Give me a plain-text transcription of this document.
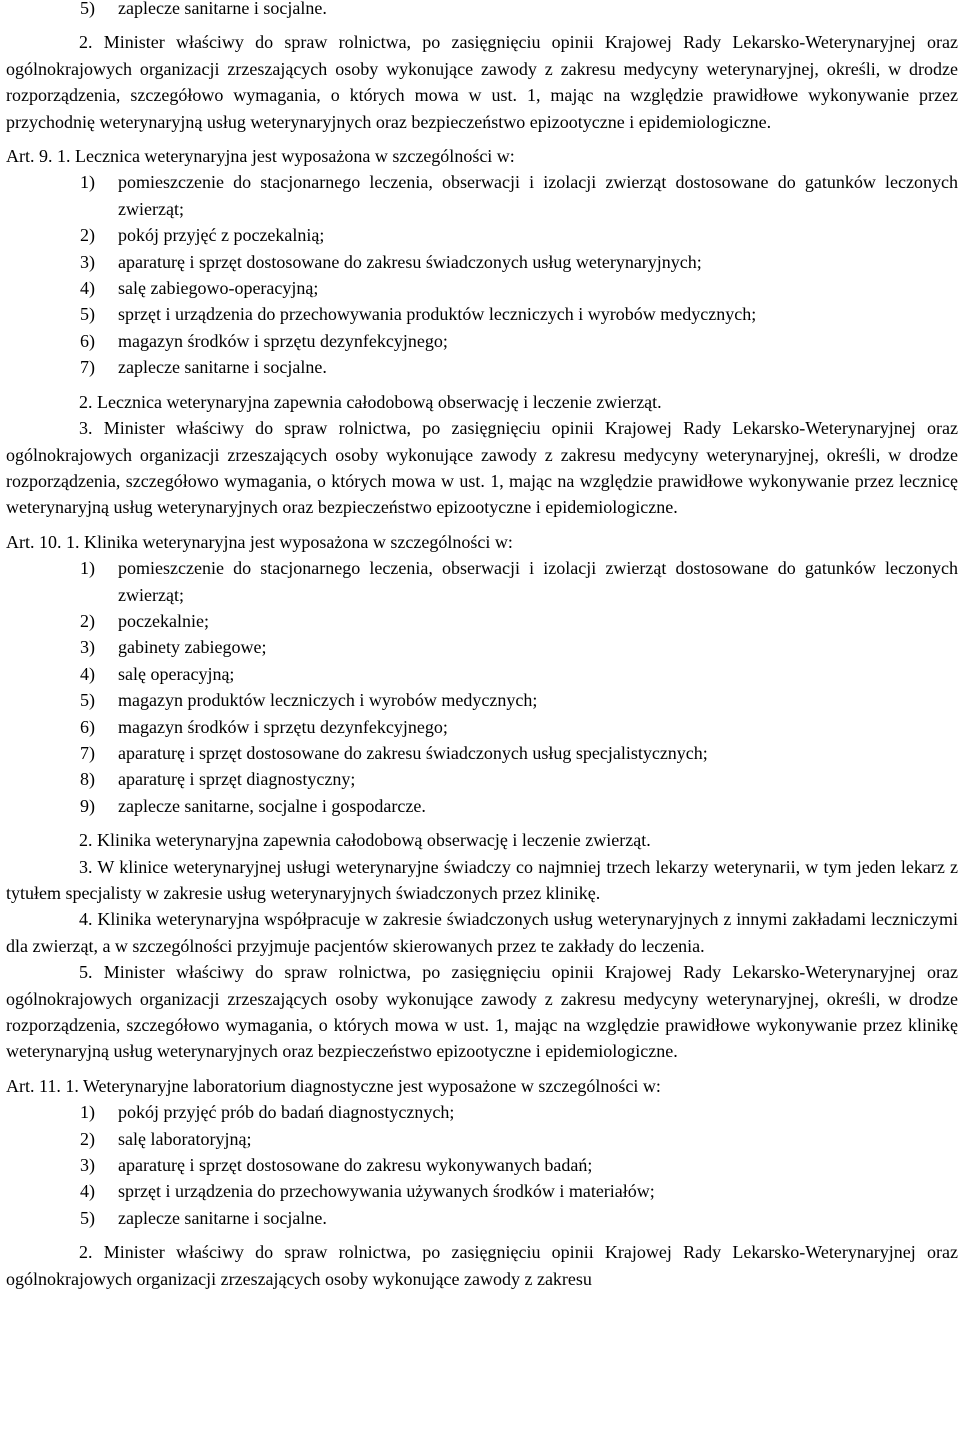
5) zaplecze sanitarne i socjalne.

2. Minister właściwy do spraw rolnictwa, po zasięgnięciu opinii Krajowej Rady Lekarsko-Weterynaryjnej oraz ogólnokrajowych organizacji zrzeszających osoby wykonujące zawody z zakresu medycyny weterynaryjnej, określi, w drodze rozporządzenia, szczegółowo wymagania, o których mowa w ust. 1, mając na względzie prawidłowe wykonywanie przez przychodnię weterynaryjną usług weterynaryjnych oraz bezpieczeństwo epizootyczne i epidemiologiczne.

Art. 9. 1. Lecznica weterynaryjna jest wyposażona w szczególności w:

1) pomieszczenie do stacjonarnego leczenia, obserwacji i izolacji zwierząt dostosowane do gatunków leczonych zwierząt;

2) pokój przyjęć z poczekalnią;

3) aparaturę i sprzęt dostosowane do zakresu świadczonych usług weterynaryjnych;

4) salę zabiegowo-operacyjną;

5) sprzęt i urządzenia do przechowywania produktów leczniczych i wyrobów medycznych;

6) magazyn środków i sprzętu dezynfekcyjnego;

7) zaplecze sanitarne i socjalne.

2. Lecznica weterynaryjna zapewnia całodobową obserwację i leczenie zwierząt.

3. Minister właściwy do spraw rolnictwa, po zasięgnięciu opinii Krajowej Rady Lekarsko-Weterynaryjnej oraz ogólnokrajowych organizacji zrzeszających osoby wykonujące zawody z zakresu medycyny weterynaryjnej, określi, w drodze rozporządzenia, szczegółowo wymagania, o których mowa w ust. 1, mając na względzie prawidłowe wykonywanie przez lecznicę weterynaryjną usług weterynaryjnych oraz bezpieczeństwo epizootyczne i epidemiologiczne.

Art. 10. 1. Klinika weterynaryjna jest wyposażona w szczególności w:

1) pomieszczenie do stacjonarnego leczenia, obserwacji i izolacji zwierząt dostosowane do gatunków leczonych zwierząt;

2) poczekalnie;

3) gabinety zabiegowe;

4) salę operacyjną;

5) magazyn produktów leczniczych i wyrobów medycznych;

6) magazyn środków i sprzętu dezynfekcyjnego;

7) aparaturę i sprzęt dostosowane do zakresu świadczonych usług specjalistycznych;

8) aparaturę i sprzęt diagnostyczny;

9) zaplecze sanitarne, socjalne i gospodarcze.

2. Klinika weterynaryjna zapewnia całodobową obserwację i leczenie zwierząt.

3. W klinice weterynaryjnej usługi weterynaryjne świadczy co najmniej trzech lekarzy weterynarii, w tym jeden lekarz z tytułem specjalisty w zakresie usług weterynaryjnych świadczonych przez klinikę.

4. Klinika weterynaryjna współpracuje w zakresie świadczonych usług weterynaryjnych z innymi zakładami leczniczymi dla zwierząt, a w szczególności przyjmuje pacjentów skierowanych przez te zakłady do leczenia.

5. Minister właściwy do spraw rolnictwa, po zasięgnięciu opinii Krajowej Rady Lekarsko-Weterynaryjnej oraz ogólnokrajowych organizacji zrzeszających osoby wykonujące zawody z zakresu medycyny weterynaryjnej, określi, w drodze rozporządzenia, szczegółowo wymagania, o których mowa w ust. 1, mając na względzie prawidłowe wykonywanie przez klinikę weterynaryjną usług weterynaryjnych oraz bezpieczeństwo epizootyczne i epidemiologiczne.

Art. 11. 1. Weterynaryjne laboratorium diagnostyczne jest wyposażone w szczególności w:

1) pokój przyjęć prób do badań diagnostycznych;

2) salę laboratoryjną;

3) aparaturę i sprzęt dostosowane do zakresu wykonywanych badań;

4) sprzęt i urządzenia do przechowywania używanych środków i materiałów;

5) zaplecze sanitarne i socjalne.

2. Minister właściwy do spraw rolnictwa, po zasięgnięciu opinii Krajowej Rady Lekarsko-Weterynaryjnej oraz ogólnokrajowych organizacji zrzeszających osoby wykonujące zawody z zakresu
